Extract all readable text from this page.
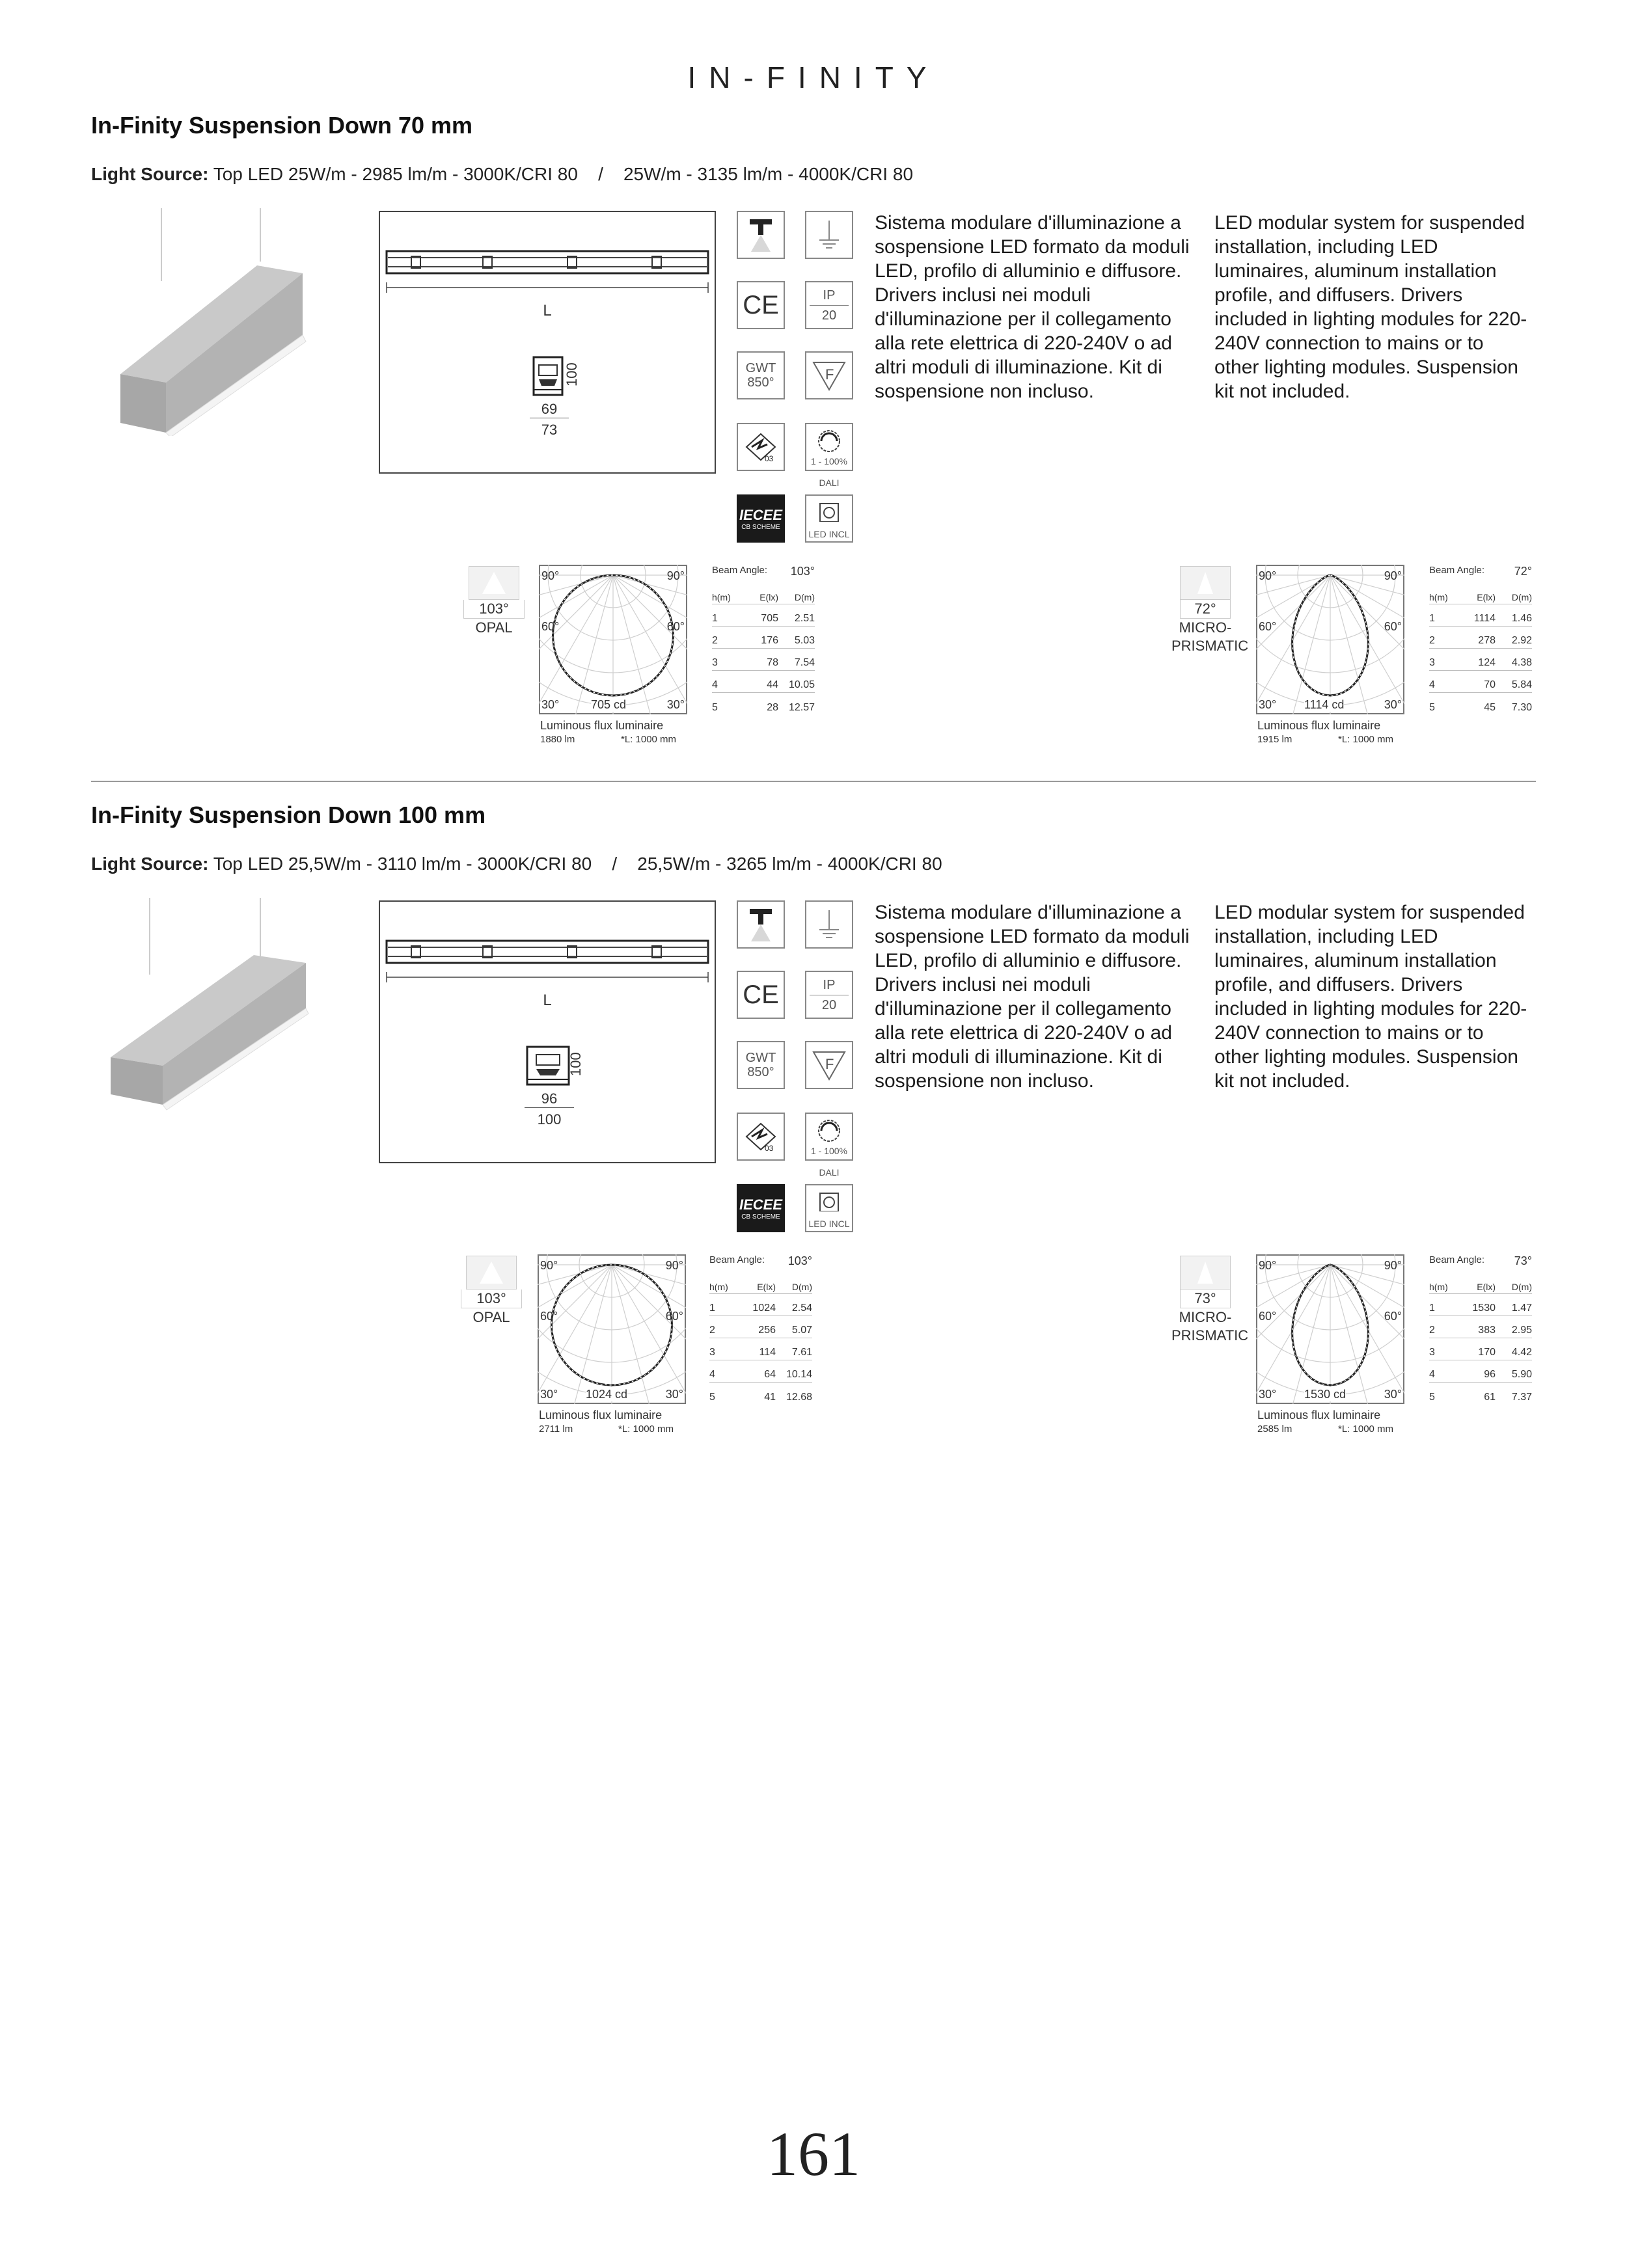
IN-FINITY
In-Finity Suspension Down 70 mm
Light Source: Top LED 25W/m - 2985 lm/m - 3000K/CRI 80    /    25W/m - 3135 lm/m - 4000K/CRI 80
L
100
69
73
CE	IP
20
GWT
850°	F
03	1 - 100%
DALI
IECEE
CB SCHEME
LED INCL
Sistema modulare d'illuminazione a sospensione LED formato da moduli LED, profilo di alluminio e diffusore. Drivers inclusi nei moduli d'illuminazione per il collegamento alla rete elettrica di 220-240V o ad altri moduli di illuminazione. Kit di sospensione non incluso.
LED modular system for suspended installation, including LED luminaires, aluminum installation profile, and diffusers. Drivers included in lighting modules for 220-240V connection to mains or to other lighting modules. Suspension kit not included.
103°
OPAL
90°	90°
60°	60°
30°	30°
705 cd
Luminous flux luminaire
1880 lm	*L: 1000 mm
Beam Angle: 103°
h(m)	E(lx)	D(m)
1	705	2.51
2	176	5.03
3	78	7.54
4	44 10.05
5	28 12.57
72°
MICRO-
PRISMATIC
90°	90°
60°	60°
30°	30°
1114 cd
Luminous flux luminaire
1915 lm	*L: 1000 mm
Beam Angle:	72°
h(m)	E(lx)	D(m)
1	1114	1.46
2	278	2.92
3	124	4.38
4	70	5.84
5	45	7.30
In-Finity Suspension Down 100 mm
Light Source: Top LED 25,5W/m - 3110 lm/m - 3000K/CRI 80    /    25,5W/m - 3265 lm/m - 4000K/CRI 80
L
100
96
100
CE	IP
20
GWT
850°	F
03	1 - 100%
DALI
IECEE
CB SCHEME
LED INCL
Sistema modulare d'illuminazione a sospensione LED formato da moduli LED, profilo di alluminio e diffusore. Drivers inclusi nei moduli d'illuminazione per il collegamento alla rete elettrica di 220-240V o ad altri moduli di illuminazione. Kit di sospensione non incluso.
LED modular system for suspended installation, including LED luminaires, aluminum installation profile, and diffusers. Drivers included in lighting modules for 220-240V connection to mains or to other lighting modules. Suspension kit not included.
103°
OPAL
90°	90°
60°	60°
30°	30°
1024 cd
Luminous flux luminaire
2711 lm	*L: 1000 mm
Beam Angle: 103°
h(m)	E(lx)	D(m)
1	1024	2.54
2	256	5.07
3	114	7.61
4	64 10.14
5	41 12.68
73°
MICRO-
PRISMATIC
90°	90°
60°	60°
30°	30°
1530 cd
Luminous flux luminaire
2585 lm	*L: 1000 mm
Beam Angle:	73°
h(m)	E(lx)	D(m)
1	1530	1.47
2	383	2.95
3	170	4.42
4	96	5.90
5	61	7.37
161
